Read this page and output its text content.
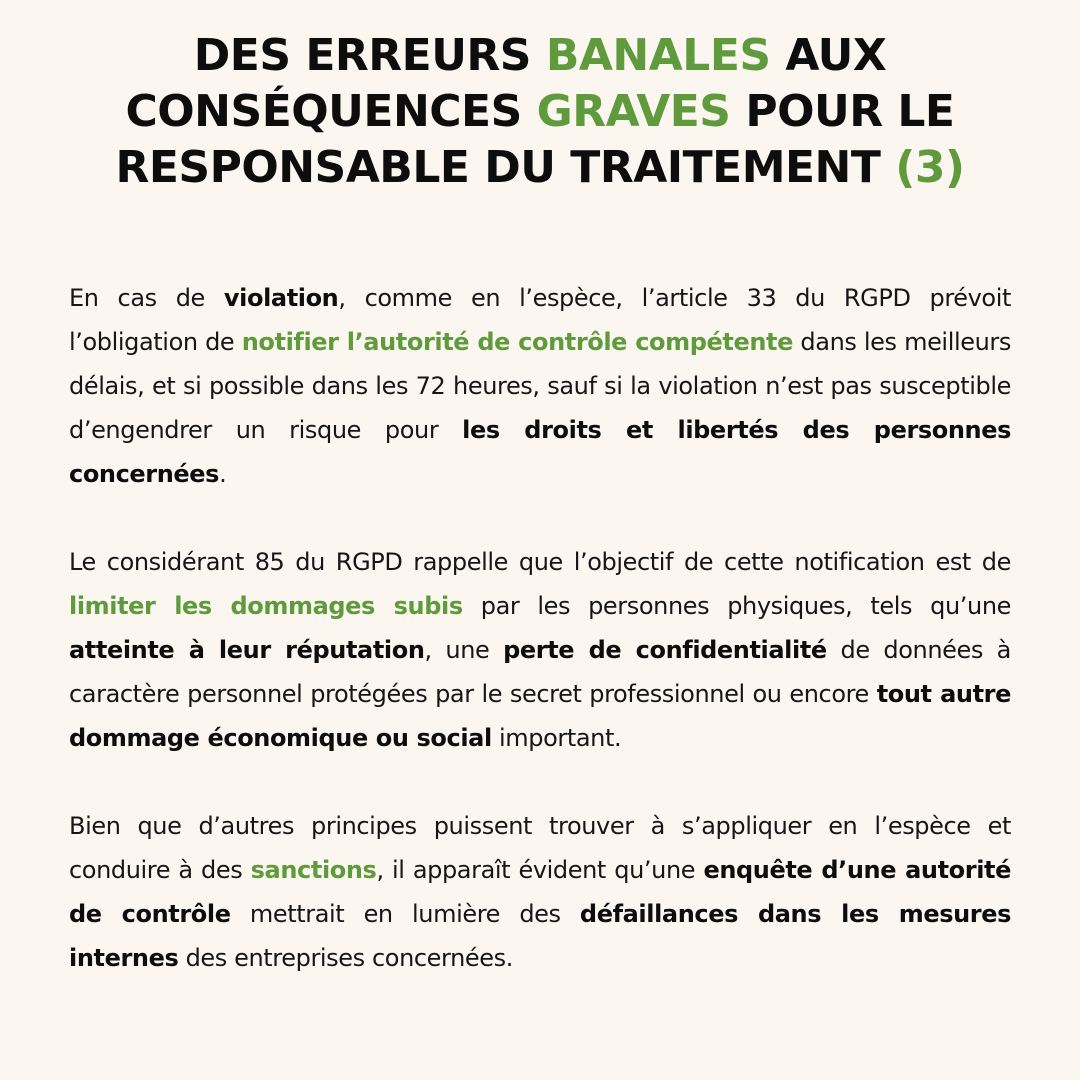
DES ERREURS BANALES AUX CONSÉQUENCES GRAVES POUR LE RESPONSABLE DU TRAITEMENT (3)

En cas de violation, comme en l’espèce, l’article 33 du RGPD prévoit l’obligation de notifier l’autorité de contrôle compétente dans les meilleurs délais, et si possible dans les 72 heures, sauf si la violation n’est pas susceptible d’engendrer un risque pour les droits et libertés des personnes concernées.

Le considérant 85 du RGPD rappelle que l’objectif de cette notification est de limiter les dommages subis par les personnes physiques, tels qu’une atteinte à leur réputation, une perte de confidentialité de données à caractère personnel protégées par le secret professionnel ou encore tout autre dommage économique ou social important.

Bien que d’autres principes puissent trouver à s’appliquer en l’espèce et conduire à des sanctions, il apparaît évident qu’une enquête d’une autorité de contrôle mettrait en lumière des défaillances dans les mesures internes des entreprises concernées.
